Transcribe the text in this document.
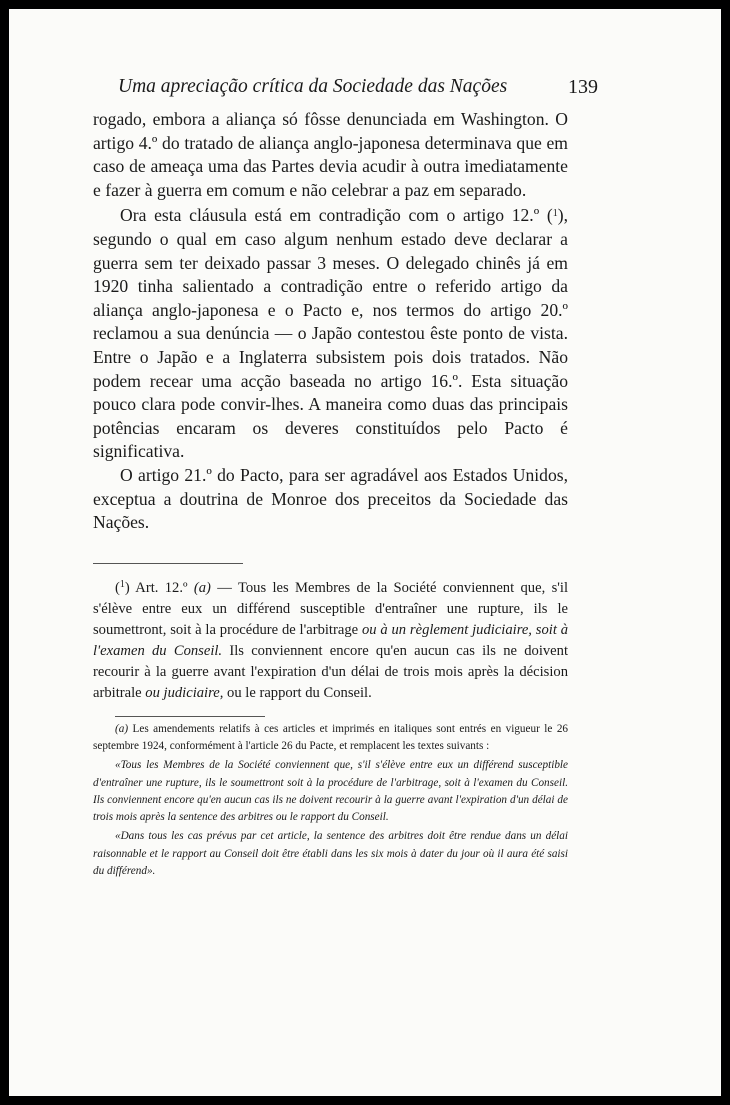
Uma apreciação crítica da Sociedade das Nações	139

rogado, embora a aliança só fôsse denunciada em Washington. O artigo 4.º do tratado de aliança anglo-japonesa determinava que em caso de ameaça uma das Partes devia acudir à outra imediatamente e fazer à guerra em comum e não celebrar a paz em separado.

Ora esta cláusula está em contradição com o artigo 12.º ($^1$), segundo o qual em caso algum nenhum estado deve declarar a guerra sem ter deixado passar 3 meses. O delegado chinês já em 1920 tinha salientado a contradição entre o referido artigo da aliança anglo-japonesa e o Pacto e, nos termos do artigo 20.º reclamou a sua denúncia — o Japão contestou êste ponto de vista. Entre o Japão e a Inglaterra subsistem pois dois tratados. Não podem recear uma acção baseada no artigo 16.º. Esta situação pouco clara pode convir-lhes. A maneira como duas das principais potências encaram os deveres constituídos pelo Pacto é significativa.

O artigo 21.º do Pacto, para ser agradável aos Estados Unidos, exceptua a doutrina de Monroe dos preceitos da Sociedade das Nações.

($^1$) Art. 12.º (a) — Tous les Membres de la Société conviennent que, s'il s'élève entre eux un différend susceptible d'entraîner une rupture, ils le soumettront, soit à la procédure de l'arbitrage ou à un règlement judiciaire, soit à l'examen du Conseil. Ils conviennent encore qu'en aucun cas ils ne doivent recourir à la guerre avant l'expiration d'un délai de trois mois après la décision arbitrale ou judiciaire, ou le rapport du Conseil.

(a) Les amendements relatifs à ces articles et imprimés en italiques sont entrés en vigueur le 26 septembre 1924, conformément à l'article 26 du Pacte, et remplacent les textes suivants :

«Tous les Membres de la Société conviennent que, s'il s'élève entre eux un différend susceptible d'entraîner une rupture, ils le soumettront soit à la procédure de l'arbitrage, soit à l'examen du Conseil. Ils conviennent encore qu'en aucun cas ils ne doivent recourir à la guerre avant l'expiration d'un délai de trois mois après la sentence des arbitres ou le rapport du Conseil.

«Dans tous les cas prévus par cet article, la sentence des arbitres doit être rendue dans un délai raisonnable et le rapport au Conseil doit être établi dans les six mois à dater du jour où il aura été saisi du différend».
